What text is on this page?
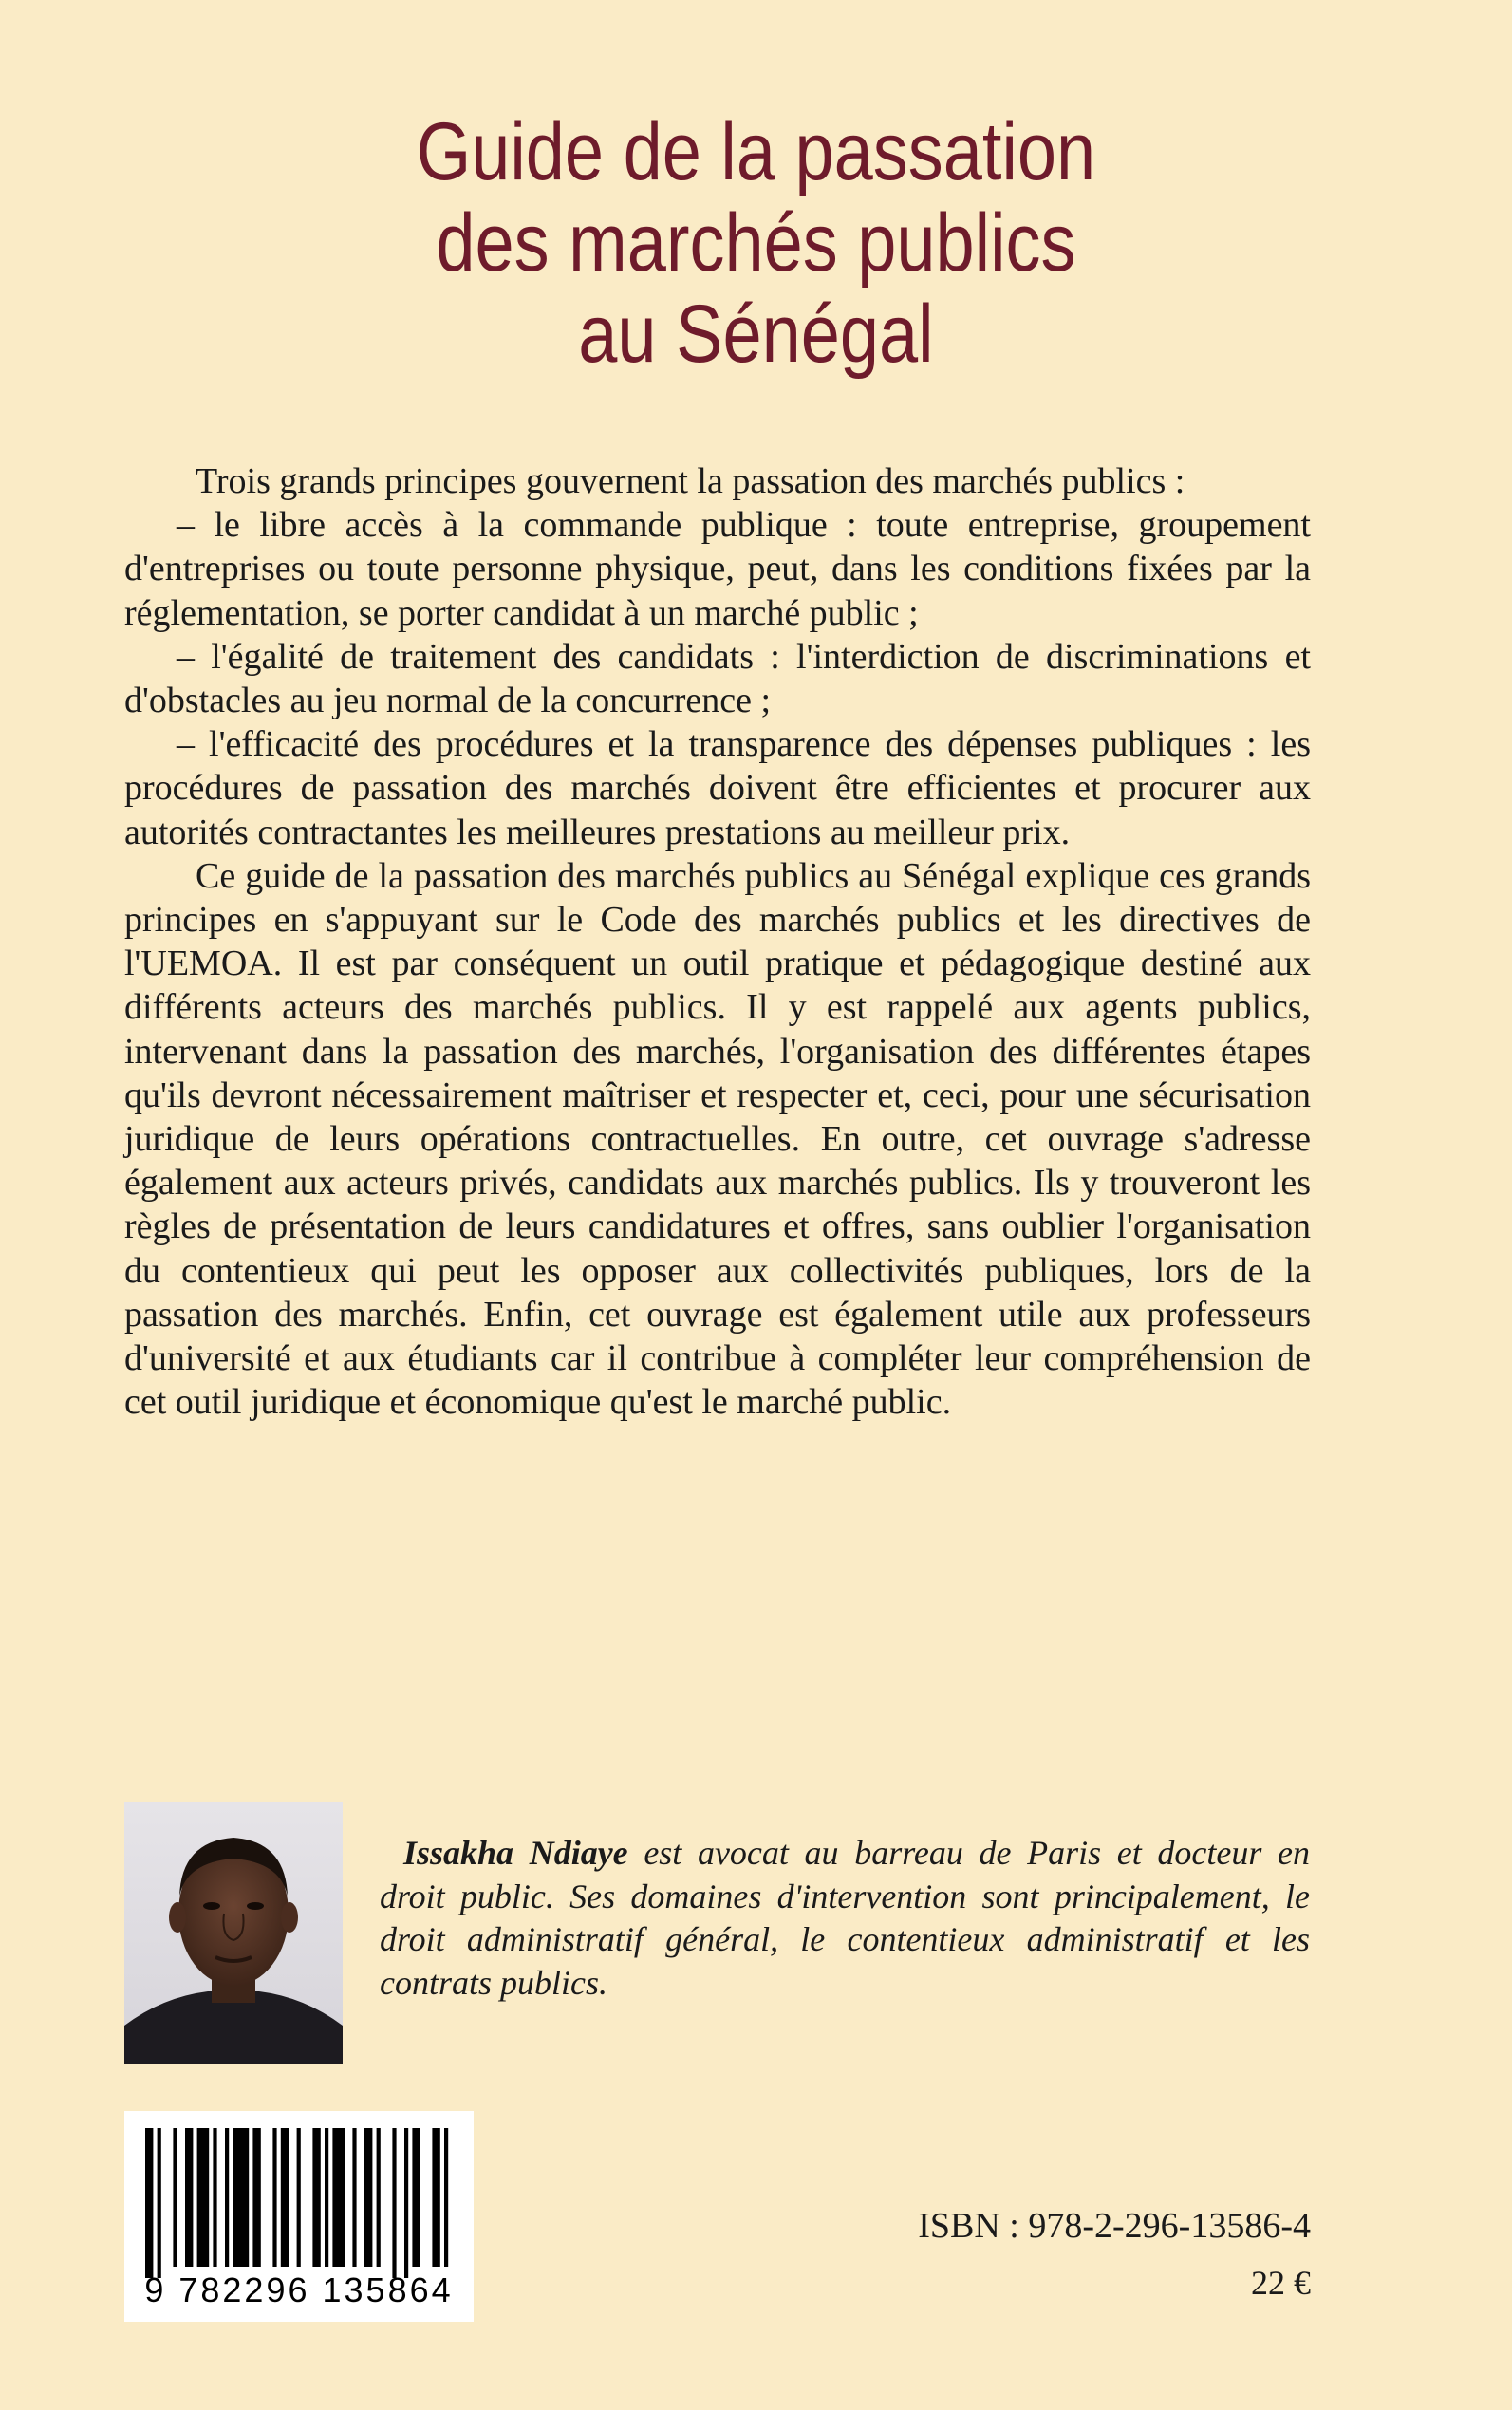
Guide de la passation
des marchés publics
au Sénégal

Trois grands principes gouvernent la passation des marchés publics :

– le libre accès à la commande publique : toute entreprise, groupement d'entreprises ou toute personne physique, peut, dans les conditions fixées par la réglementation, se porter candidat à un marché public ;

– l'égalité de traitement des candidats : l'interdiction de discriminations et d'obstacles au jeu normal de la concurrence ;

– l'efficacité des procédures et la transparence des dépenses publiques : les procédures de passation des marchés doivent être efficientes et procurer aux autorités contractantes les meilleures prestations au meilleur prix.

Ce guide de la passation des marchés publics au Sénégal explique ces grands principes en s'appuyant sur le Code des marchés publics et les directives de l'UEMOA. Il est par conséquent un outil pratique et pédagogique destiné aux différents acteurs des marchés publics. Il y est rappelé aux agents publics, intervenant dans la passation des marchés, l'organisation des différentes étapes qu'ils devront nécessairement maîtriser et respecter et, ceci, pour une sécurisation juridique de leurs opérations contractuelles. En outre, cet ouvrage s'adresse également aux acteurs privés, candidats aux marchés publics. Ils y trouveront les règles de présentation de leurs candidatures et offres, sans oublier l'organisation du contentieux qui peut les opposer aux collectivités publiques, lors de la passation des marchés. Enfin, cet ouvrage est également utile aux professeurs d'université et aux étudiants car il contribue à compléter leur compréhension de cet outil juridique et économique qu'est le marché public.

Issakha Ndiaye est avocat au barreau de Paris et docteur en droit public. Ses domaines d'intervention sont principalement, le droit administratif général, le contentieux administratif et les contrats publics.
9 782296 135864
ISBN : 978-2-296-13586-4
22 €
